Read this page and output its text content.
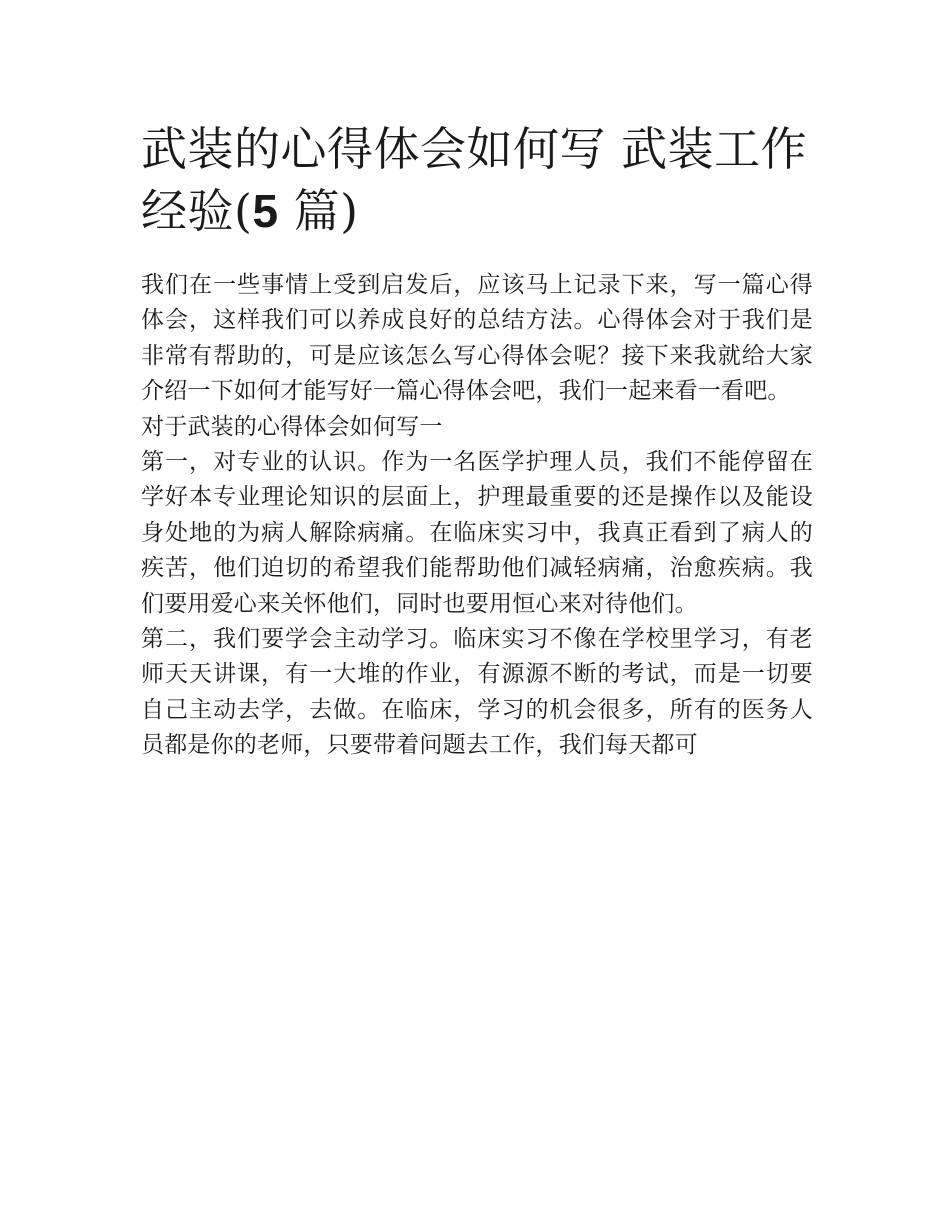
武装的心得体会如何写 武装工作经验(5 篇)

我们在一些事情上受到启发后，应该马上记录下来，写一篇心得体会，这样我们可以养成良好的总结方法。心得体会对于我们是非常有帮助的，可是应该怎么写心得体会呢？接下来我就给大家介绍一下如何才能写好一篇心得体会吧，我们一起来看一看吧。

对于武装的心得体会如何写一

第一，对专业的认识。作为一名医学护理人员，我们不能停留在学好本专业理论知识的层面上，护理最重要的还是操作以及能设身处地的为病人解除病痛。在临床实习中，我真正看到了病人的疾苦，他们迫切的希望我们能帮助他们减轻病痛，治愈疾病。我们要用爱心来关怀他们，同时也要用恒心来对待他们。

第二，我们要学会主动学习。临床实习不像在学校里学习，有老师天天讲课，有一大堆的作业，有源源不断的考试，而是一切要自己主动去学，去做。在临床，学习的机会很多，所有的医务人员都是你的老师，只要带着问题去工作，我们每天都可
